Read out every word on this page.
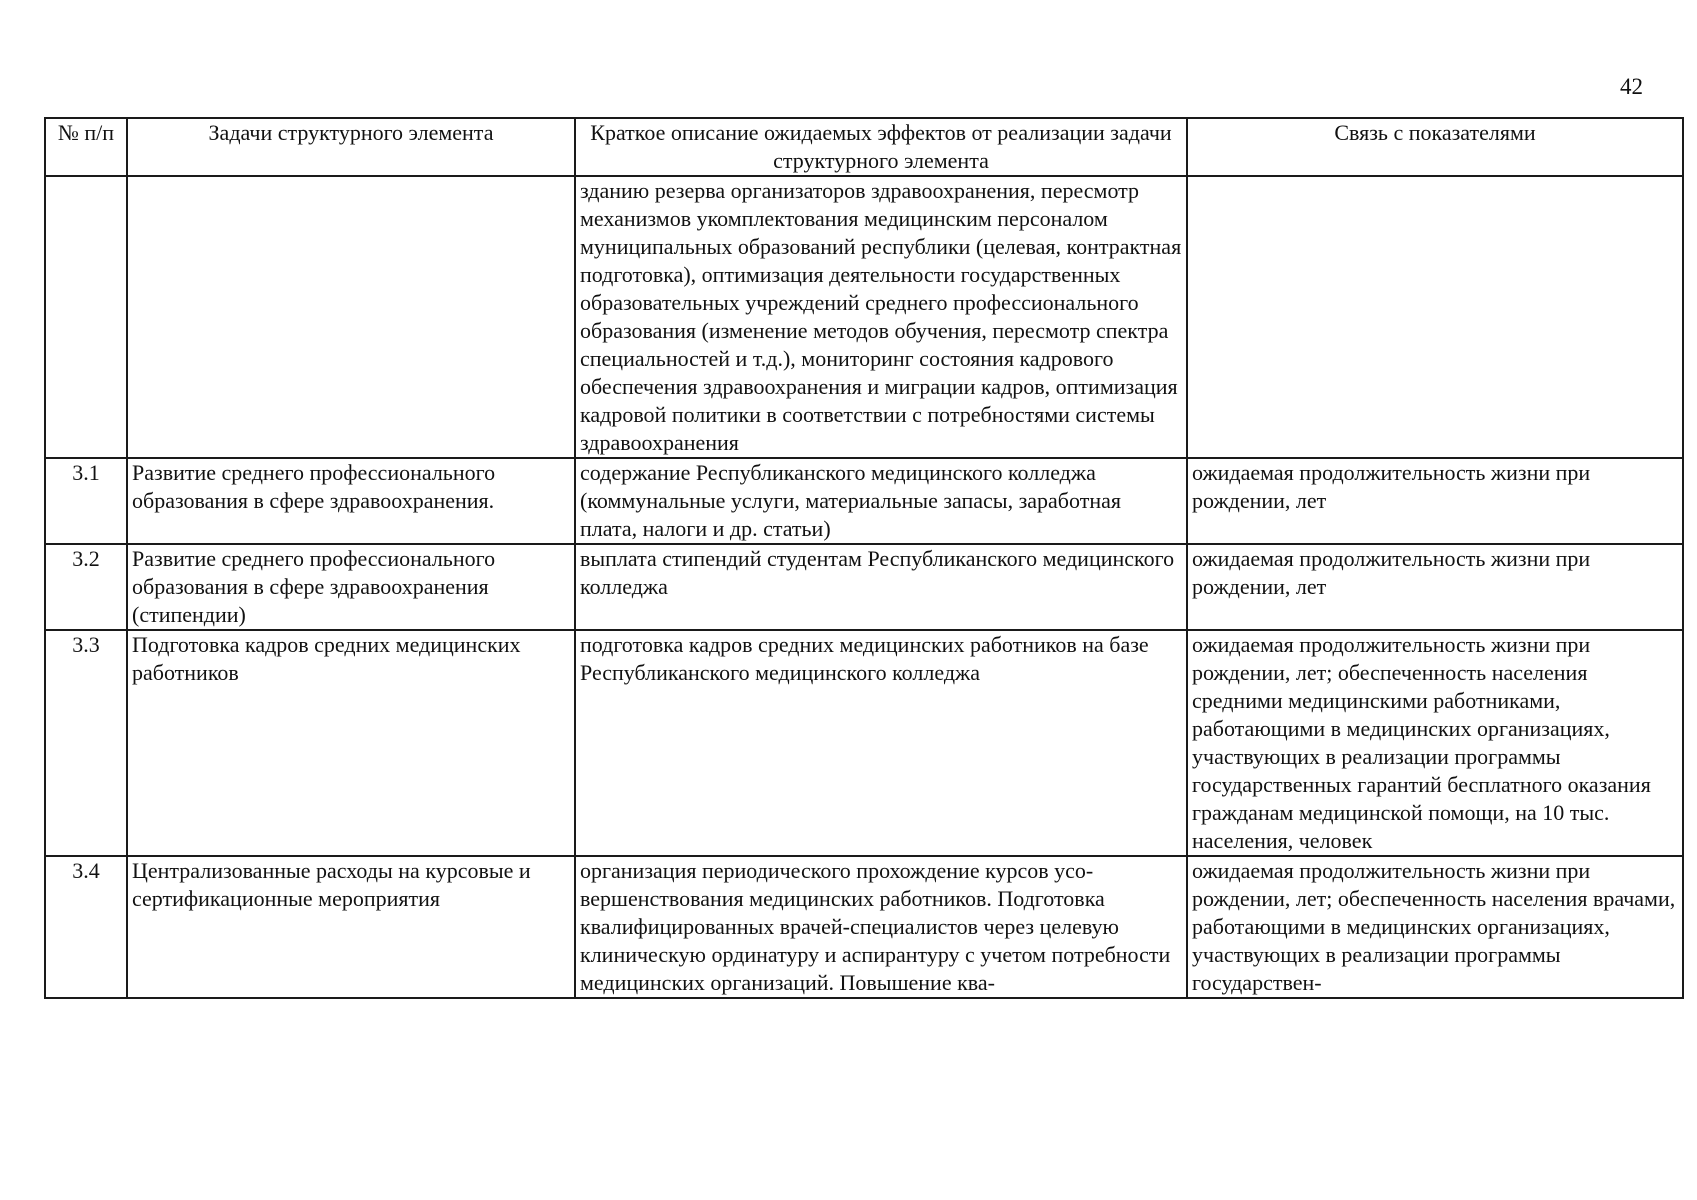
42
№ п/п	Задачи структурного элемента	Краткое описание ожидаемых эффектов от реализации задачи структурного элемента	Связь с показателями
		зданию резерва организаторов здравоохранения, пересмотр механизмов укомплектования медицинским персоналом муниципальных образований республики (целевая, контрактная подготовка), оптимизация деятельности государственных образовательных учреждений среднего профессионального образования (изменение методов обучения, пересмотр спектра специальностей и т.д.), мониторинг состояния кадрового обеспечения здравоохранения и миграции кадров, оптимизация кадровой политики в соответствии с потребностями системы здравоохранения	
3.1	Развитие среднего профессионального образования в сфере здравоохранения.	содержание Республиканского медицинского колледжа (коммунальные услуги, материальные запасы, заработная плата, налоги и др. статьи)	ожидаемая продолжительность жизни при рождении, лет
3.2	Развитие среднего профессионального образования в сфере здравоохранения (стипендии)	выплата стипендий студентам Республиканского медицинского колледжа	ожидаемая продолжительность жизни при рождении, лет
3.3	Подготовка кадров средних медицинских работников	подготовка кадров средних медицинских работников на базе Республиканского медицинского колледжа	ожидаемая продолжительность жизни при рождении, лет; обеспеченность населения средними медицинскими работниками, работающими в медицинских организациях, участвующих в реализации программы государственных гарантий бесплатного оказания гражданам медицинской помощи, на 10 тыс. населения, человек
3.4	Централизованные расходы на курсовые и сертификационные мероприятия	организация периодического прохождение курсов усовершенствования медицинских работников. Подготовка квалифицированных врачей-специалистов через целевую клиническую ординатуру и аспирантуру с учетом потребности медицинских организаций. Повышение ква-	ожидаемая продолжительность жизни при рождении, лет; обеспеченность населения врачами, работающими в медицинских организациях, участвующих в реализации программы государствен-
